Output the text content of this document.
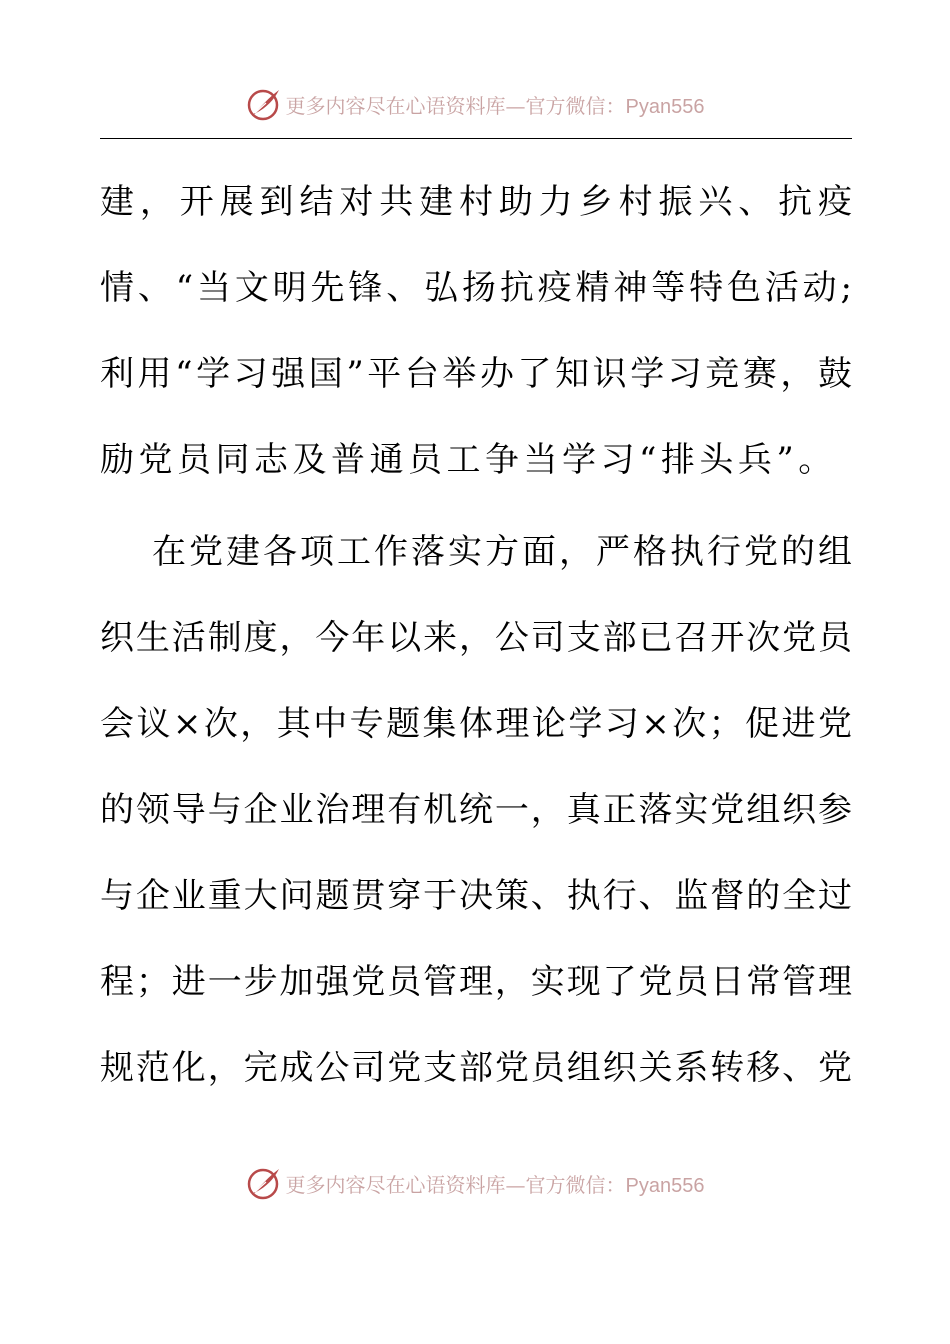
更多内容尽在心语资料库—官方微信：Pyan556
建，开展到结对共建村助力乡村振兴、抗疫
情、“当文明先锋、弘扬抗疫精神等特色活动;
利用“学习强国”平台举办了知识学习竞赛，鼓
励党员同志及普通员工争当学习“排头兵”。
在党建各项工作落实方面，严格执行党的组
织生活制度，今年以来，公司支部已召开次党员
会议×次，其中专题集体理论学习×次；促进党
的领导与企业治理有机统一，真正落实党组织参
与企业重大问题贯穿于决策、执行、监督的全过
程；进一步加强党员管理，实现了党员日常管理
规范化，完成公司党支部党员组织关系转移、党
更多内容尽在心语资料库—官方微信：Pyan556
